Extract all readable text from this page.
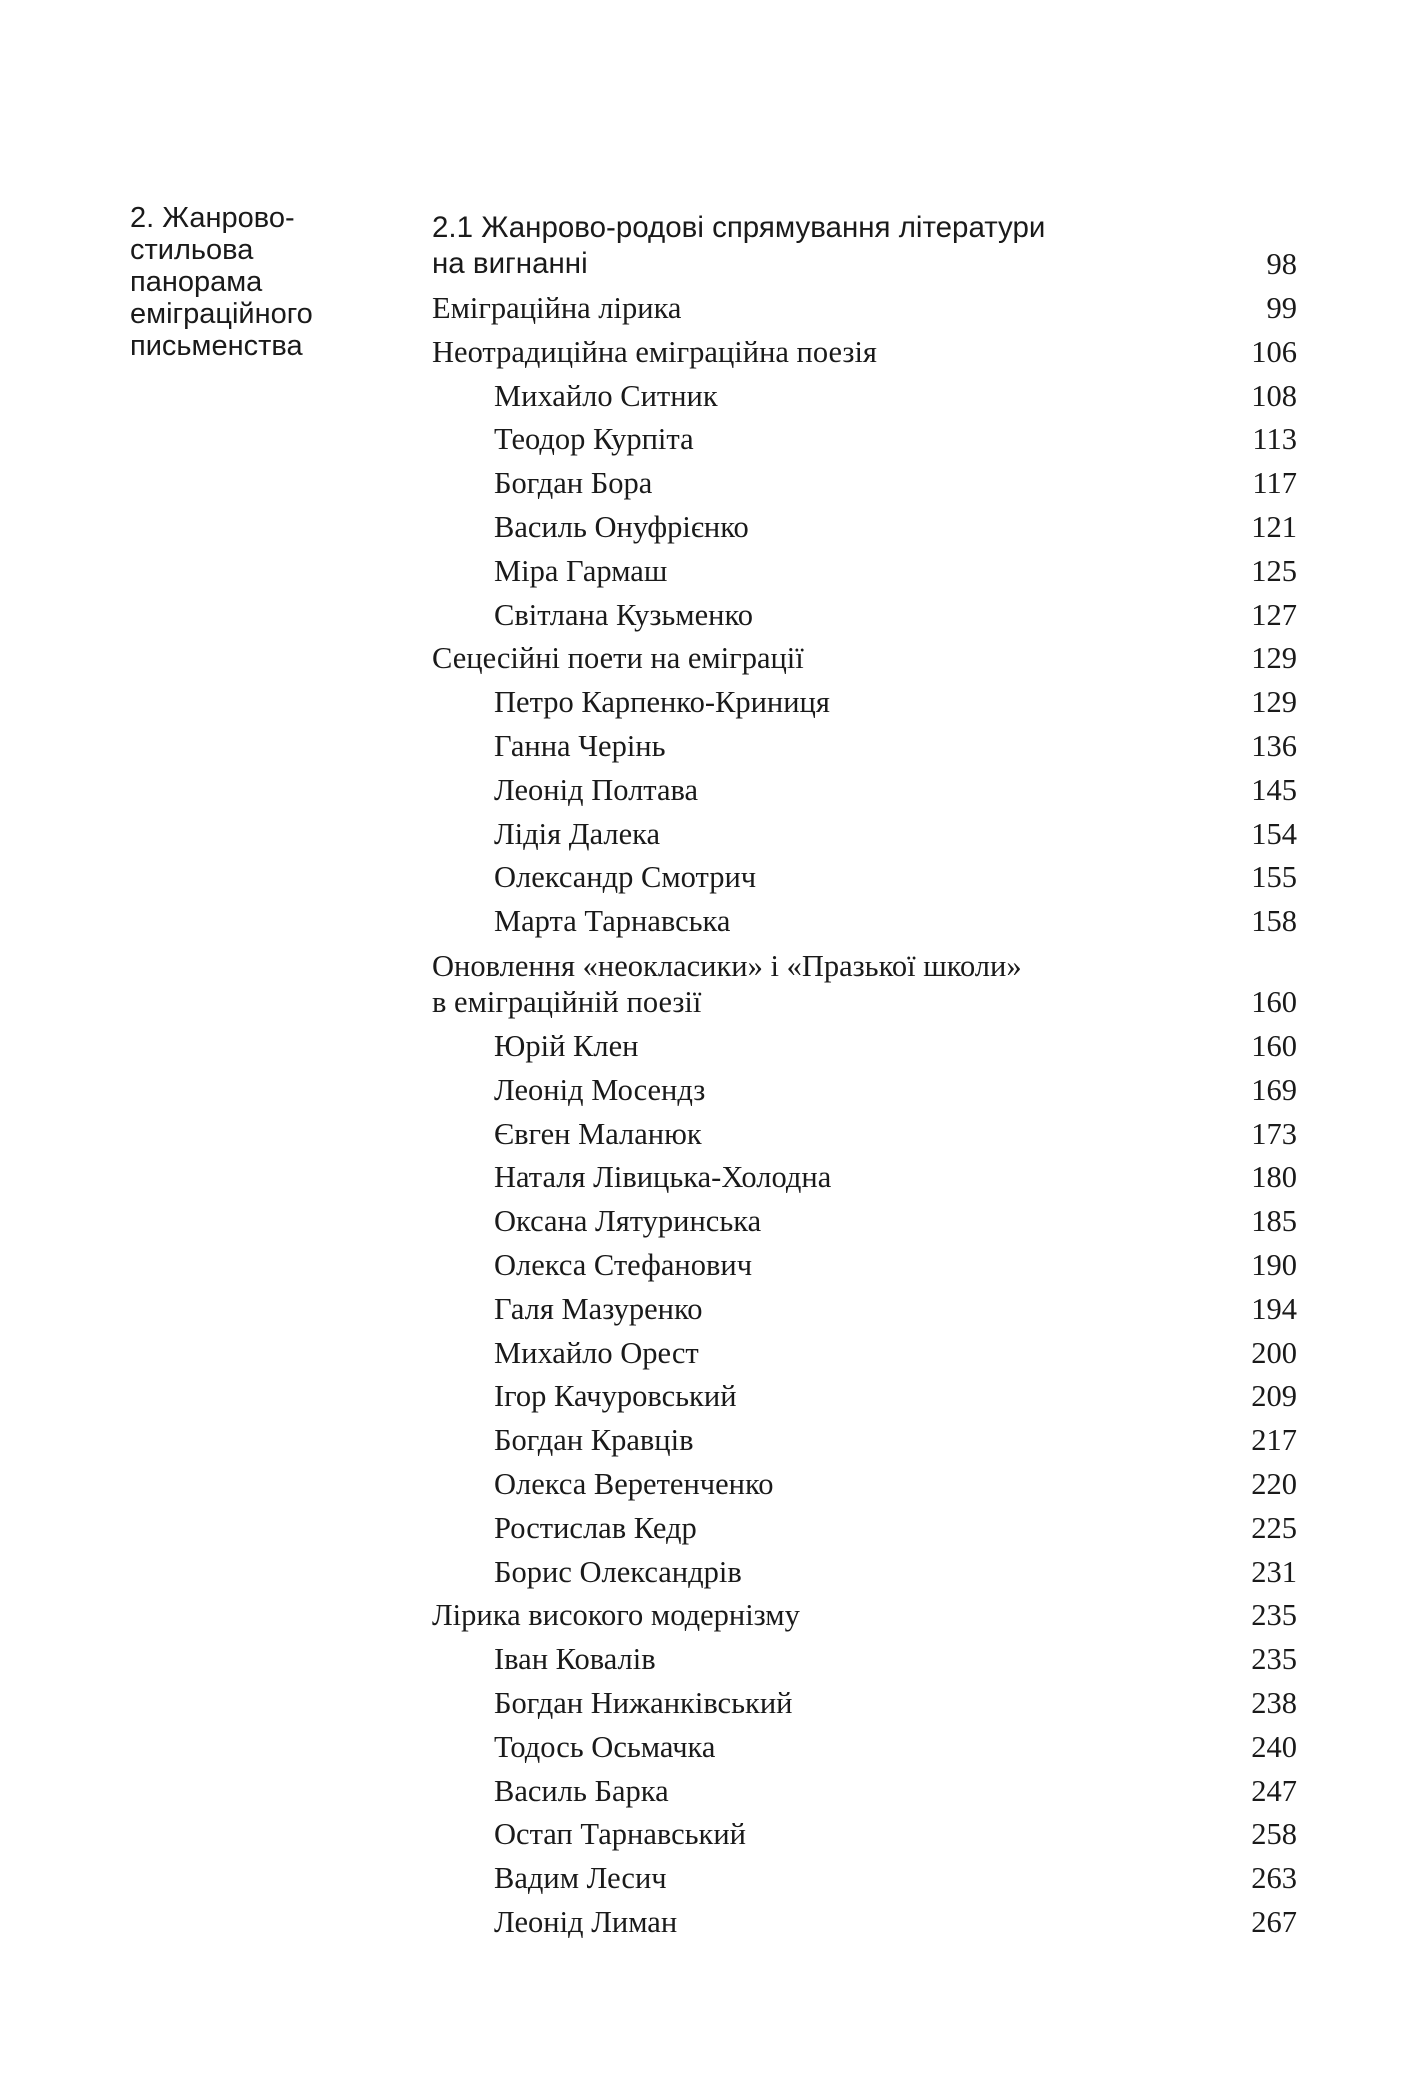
2. Жанрово-
стильова
панорама
еміграційного
письменства
2.1 Жанрово-родові спрямування літератури
на вигнанні	98
Еміграційна лірика	99
Неотрадиційна еміграційна поезія	106
Михайло Ситник	108
Теодор Курпіта	113
Богдан Бора	117
Василь Онуфрієнко	121
Міра Гармаш	125
Світлана Кузьменко	127
Сецесійні поети на еміграції	129
Петро Карпенко-Криниця	129
Ганна Черінь	136
Леонід Полтава	145
Лідія Далека	154
Олександр Смотрич	155
Марта Тарнавська	158
Оновлення «неокласики» і «Празької школи»
в еміграційній поезії	160
Юрій Клен	160
Леонід Мосендз	169
Євген Маланюк	173
Наталя Лівицька-Холодна	180
Оксана Лятуринська	185
Олекса Стефанович	190
Галя Мазуренко	194
Михайло Орест	200
Ігор Качуровський	209
Богдан Кравців	217
Олекса Веретенченко	220
Ростислав Кедр	225
Борис Олександрів	231
Лірика високого модернізму	235
Іван Ковалів	235
Богдан Нижанківський	238
Тодось Осьмачка	240
Василь Барка	247
Остап Тарнавський	258
Вадим Лесич	263
Леонід Лиман	267
